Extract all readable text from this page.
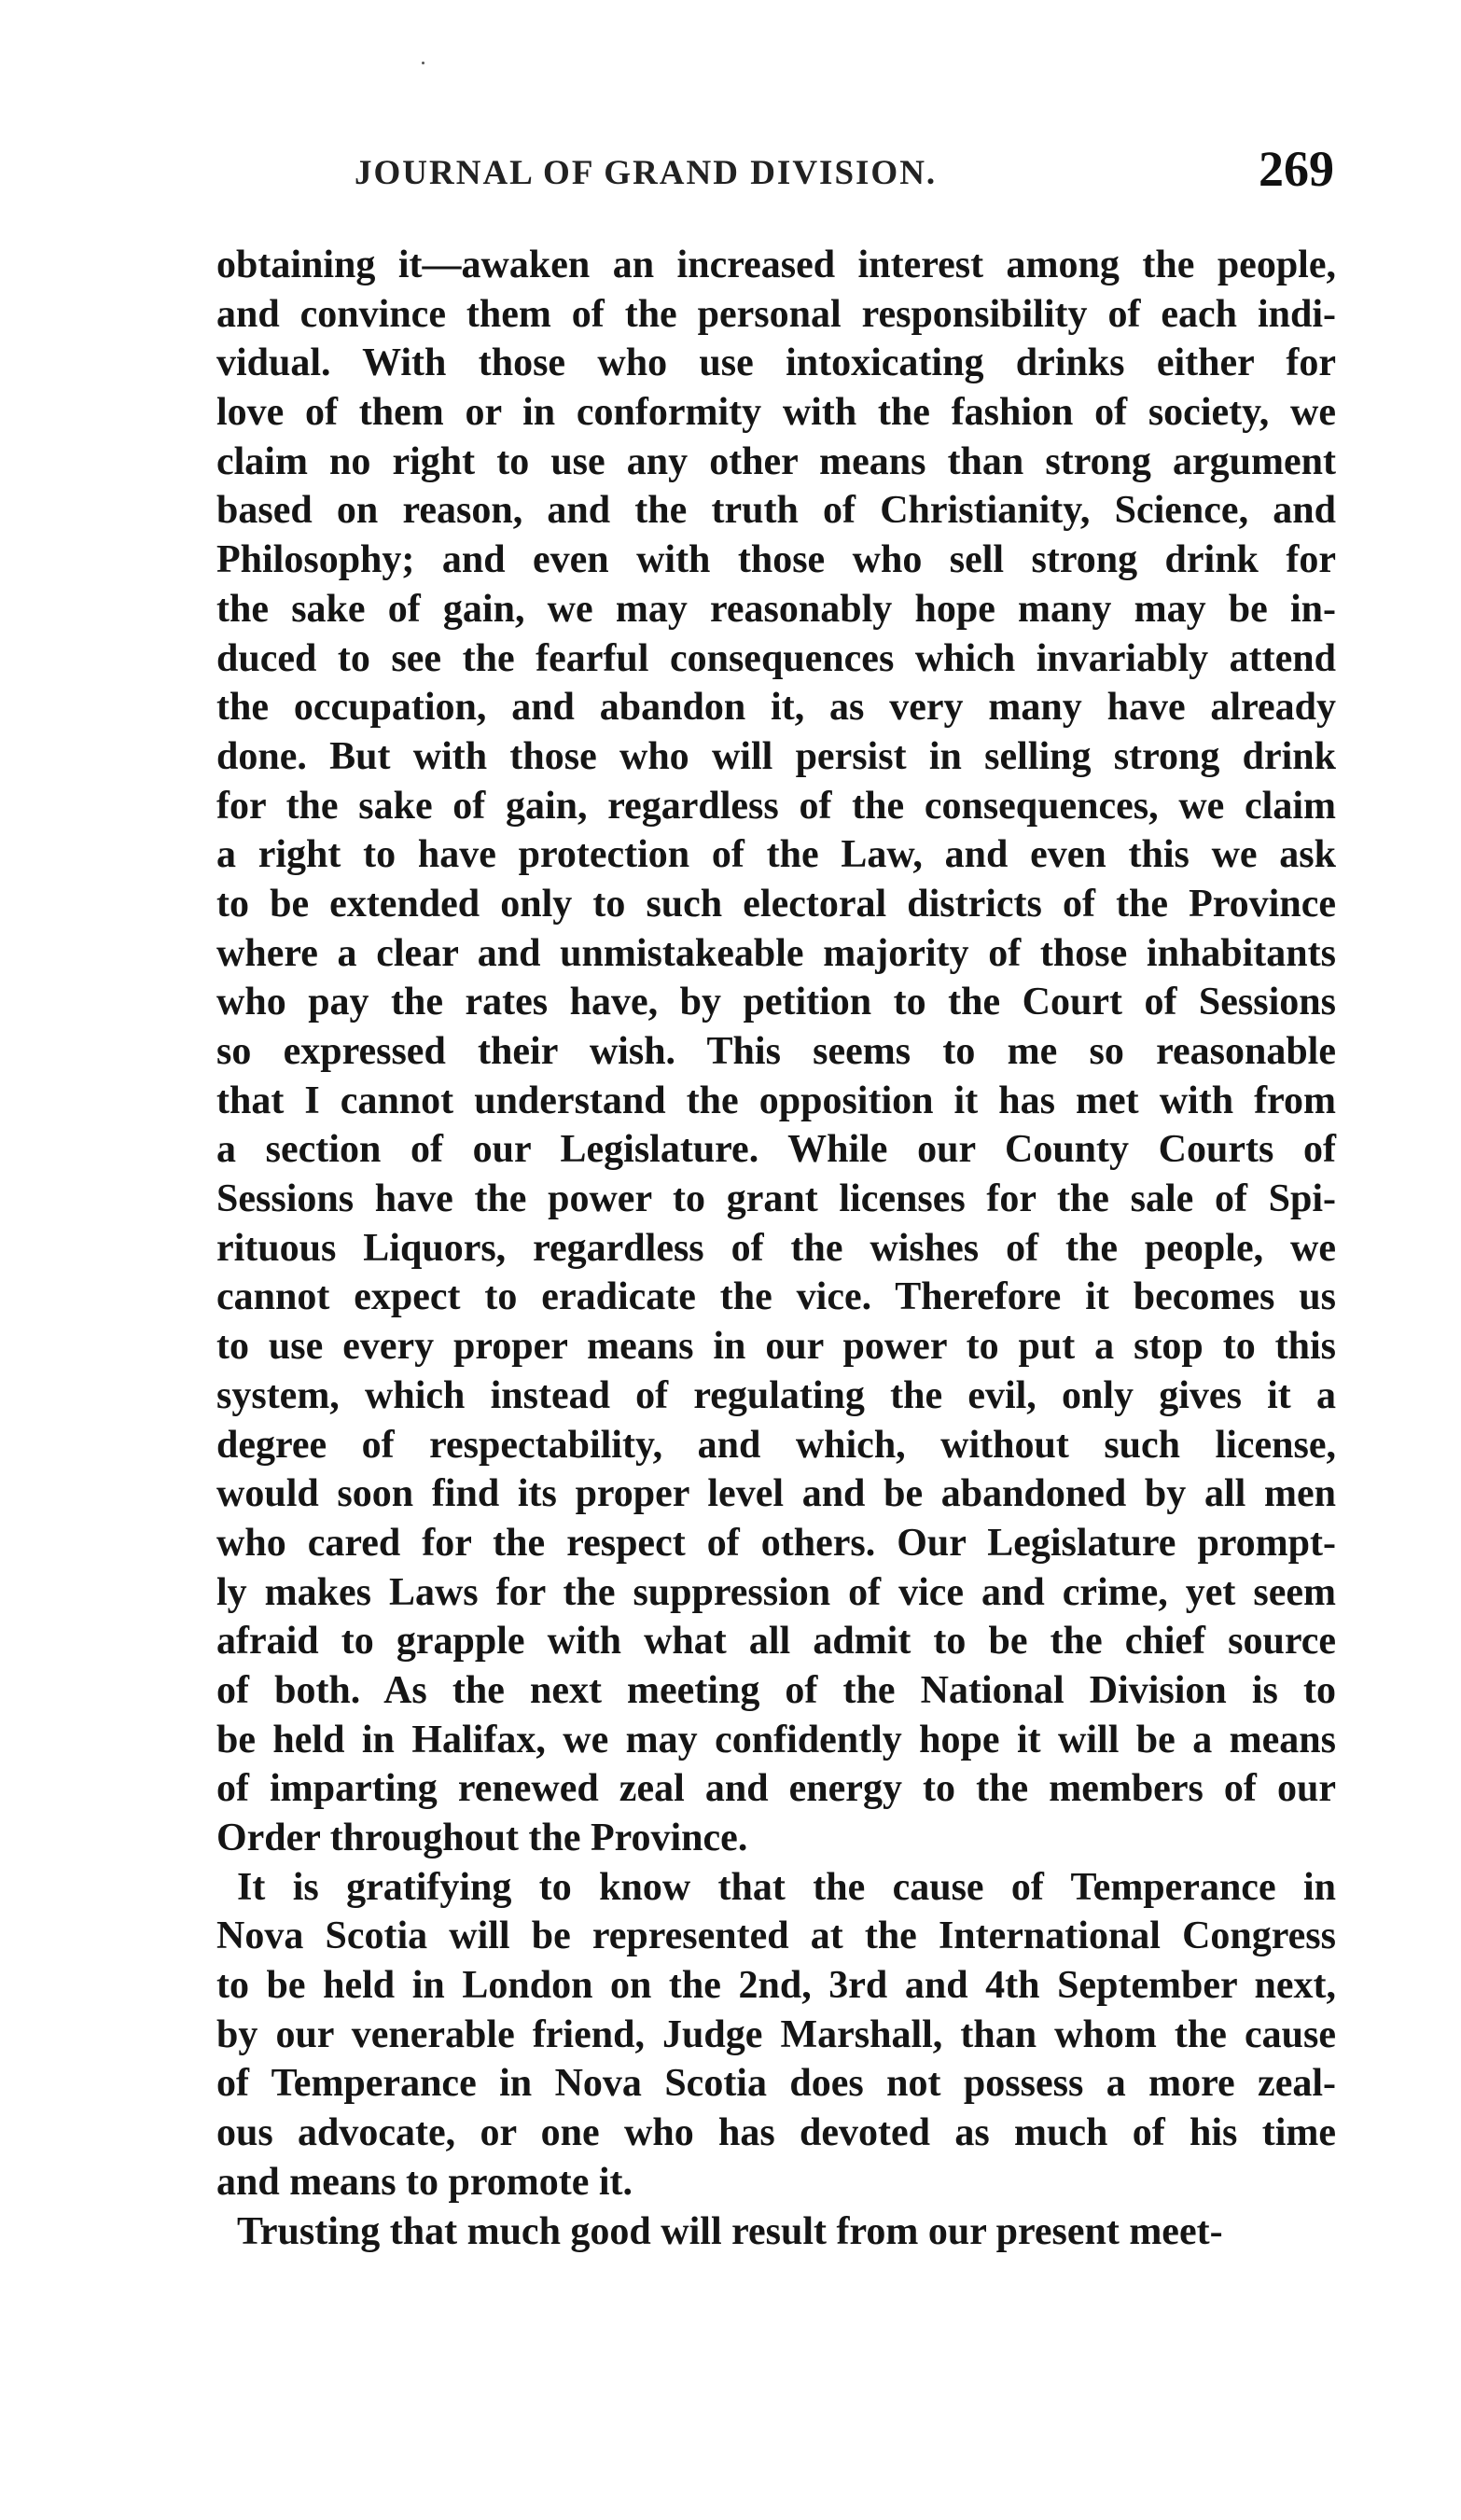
JOURNAL OF GRAND DIVISION.	269
obtaining it—awaken an increased interest among the people,
and convince them of the personal responsibility of each indi-
vidual. With those who use intoxicating drinks either for
love of them or in conformity with the fashion of society, we
claim no right to use any other means than strong argument
based on reason, and the truth of Christianity, Science, and
Philosophy; and even with those who sell strong drink for
the sake of gain, we may reasonably hope many may be in-
duced to see the fearful consequences which invariably attend
the occupation, and abandon it, as very many have already
done. But with those who will persist in selling strong drink
for the sake of gain, regardless of the consequences, we claim
a right to have protection of the Law, and even this we ask
to be extended only to such electoral districts of the Province
where a clear and unmistakeable majority of those inhabitants
who pay the rates have, by petition to the Court of Sessions
so expressed their wish. This seems to me so reasonable
that I cannot understand the opposition it has met with from
a section of our Legislature. While our County Courts of
Sessions have the power to grant licenses for the sale of Spi-
rituous Liquors, regardless of the wishes of the people, we
cannot expect to eradicate the vice. Therefore it becomes us
to use every proper means in our power to put a stop to this
system, which instead of regulating the evil, only gives it a
degree of respectability, and which, without such license,
would soon find its proper level and be abandoned by all men
who cared for the respect of others. Our Legislature prompt-
ly makes Laws for the suppression of vice and crime, yet seem
afraid to grapple with what all admit to be the chief source
of both. As the next meeting of the National Division is to
be held in Halifax, we may confidently hope it will be a means
of imparting renewed zeal and energy to the members of our
Order throughout the Province.
It is gratifying to know that the cause of Temperance in
Nova Scotia will be represented at the International Congress
to be held in London on the 2nd, 3rd and 4th September next,
by our venerable friend, Judge Marshall, than whom the cause
of Temperance in Nova Scotia does not possess a more zeal-
ous advocate, or one who has devoted as much of his time
and means to promote it.
Trusting that much good will result from our present meet-
